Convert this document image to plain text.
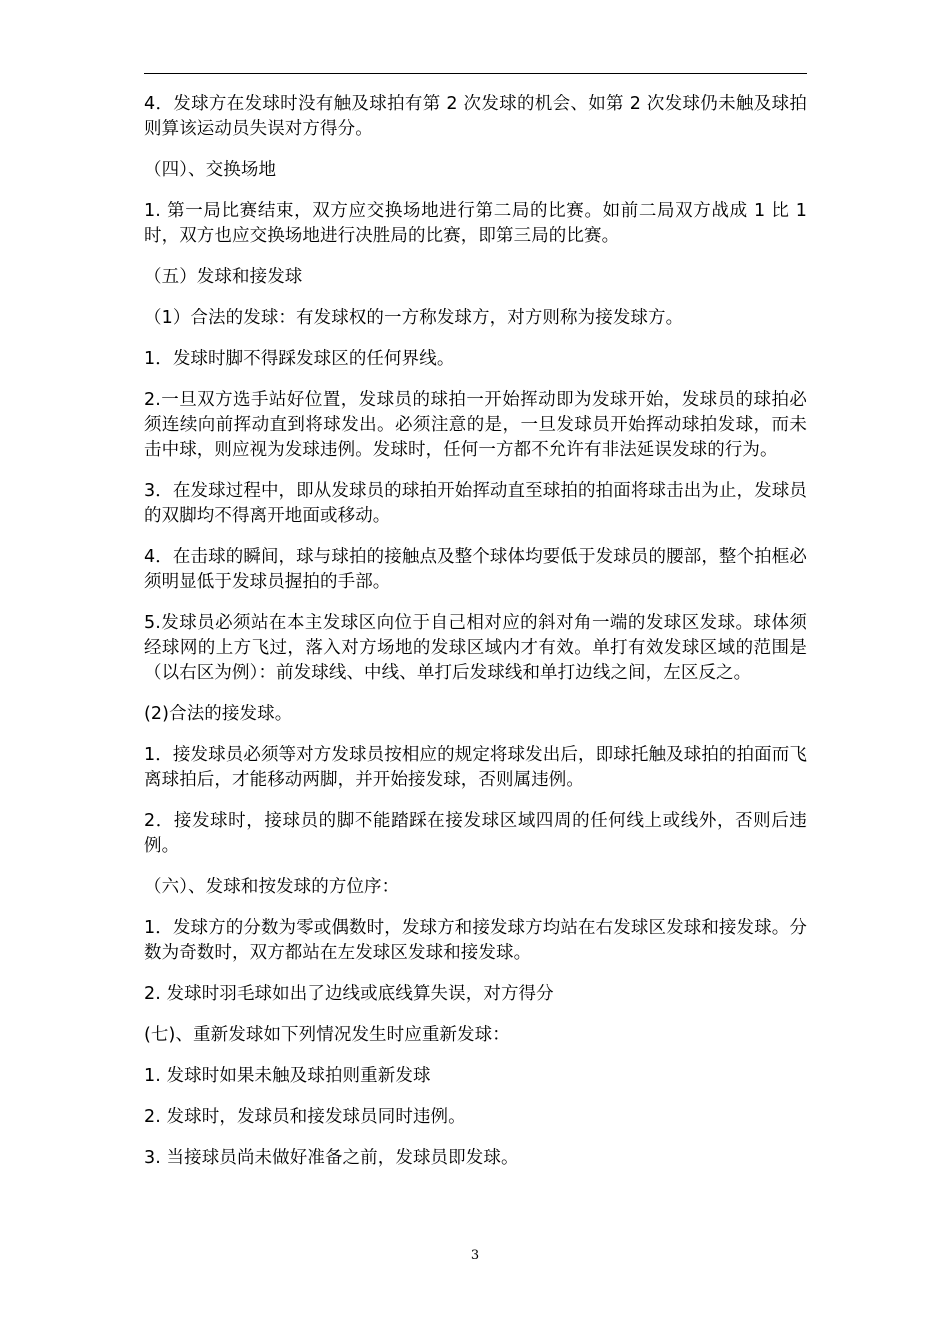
4．发球方在发球时没有触及球拍有第 2 次发球的机会、如第 2 次发球仍未触及球拍则算该运动员失误对方得分。

（四）、交换场地

1. 第一局比赛结束，双方应交换场地进行第二局的比赛。如前二局双方战成 1 比 1 时，双方也应交换场地进行决胜局的比赛，即第三局的比赛。

（五）发球和接发球

（1）合法的发球：有发球权的一方称发球方，对方则称为接发球方。

1．发球时脚不得踩发球区的任何界线。

2.一旦双方选手站好位置，发球员的球拍一开始挥动即为发球开始，发球员的球拍必须连续向前挥动直到将球发出。必须注意的是，一旦发球员开始挥动球拍发球，而未击中球，则应视为发球违例。发球时，任何一方都不允许有非法延误发球的行为。

3．在发球过程中，即从发球员的球拍开始挥动直至球拍的拍面将球击出为止，发球员的双脚均不得离开地面或移动。

4．在击球的瞬间，球与球拍的接触点及整个球体均要低于发球员的腰部，整个拍框必须明显低于发球员握拍的手部。

5.发球员必须站在本主发球区向位于自己相对应的斜对角一端的发球区发球。球体须经球网的上方飞过，落入对方场地的发球区域内才有效。单打有效发球区域的范围是（以右区为例）：前发球线、中线、单打后发球线和单打边线之间，左区反之。

(2)合法的接发球。

1．接发球员必须等对方发球员按相应的规定将球发出后，即球托触及球拍的拍面而飞离球拍后，才能移动两脚，并开始接发球，否则属违例。

2．接发球时，接球员的脚不能踏踩在接发球区域四周的任何线上或线外，否则后违例。

（六）、发球和按发球的方位序：

1．发球方的分数为零或偶数时，发球方和接发球方均站在右发球区发球和接发球。分数为奇数时，双方都站在左发球区发球和接发球。

2. 发球时羽毛球如出了边线或底线算失误，对方得分

(七)、重新发球如下列情况发生时应重新发球：

1. 发球时如果未触及球拍则重新发球

2. 发球时，发球员和接发球员同时违例。

3. 当接球员尚未做好准备之前，发球员即发球。

3
